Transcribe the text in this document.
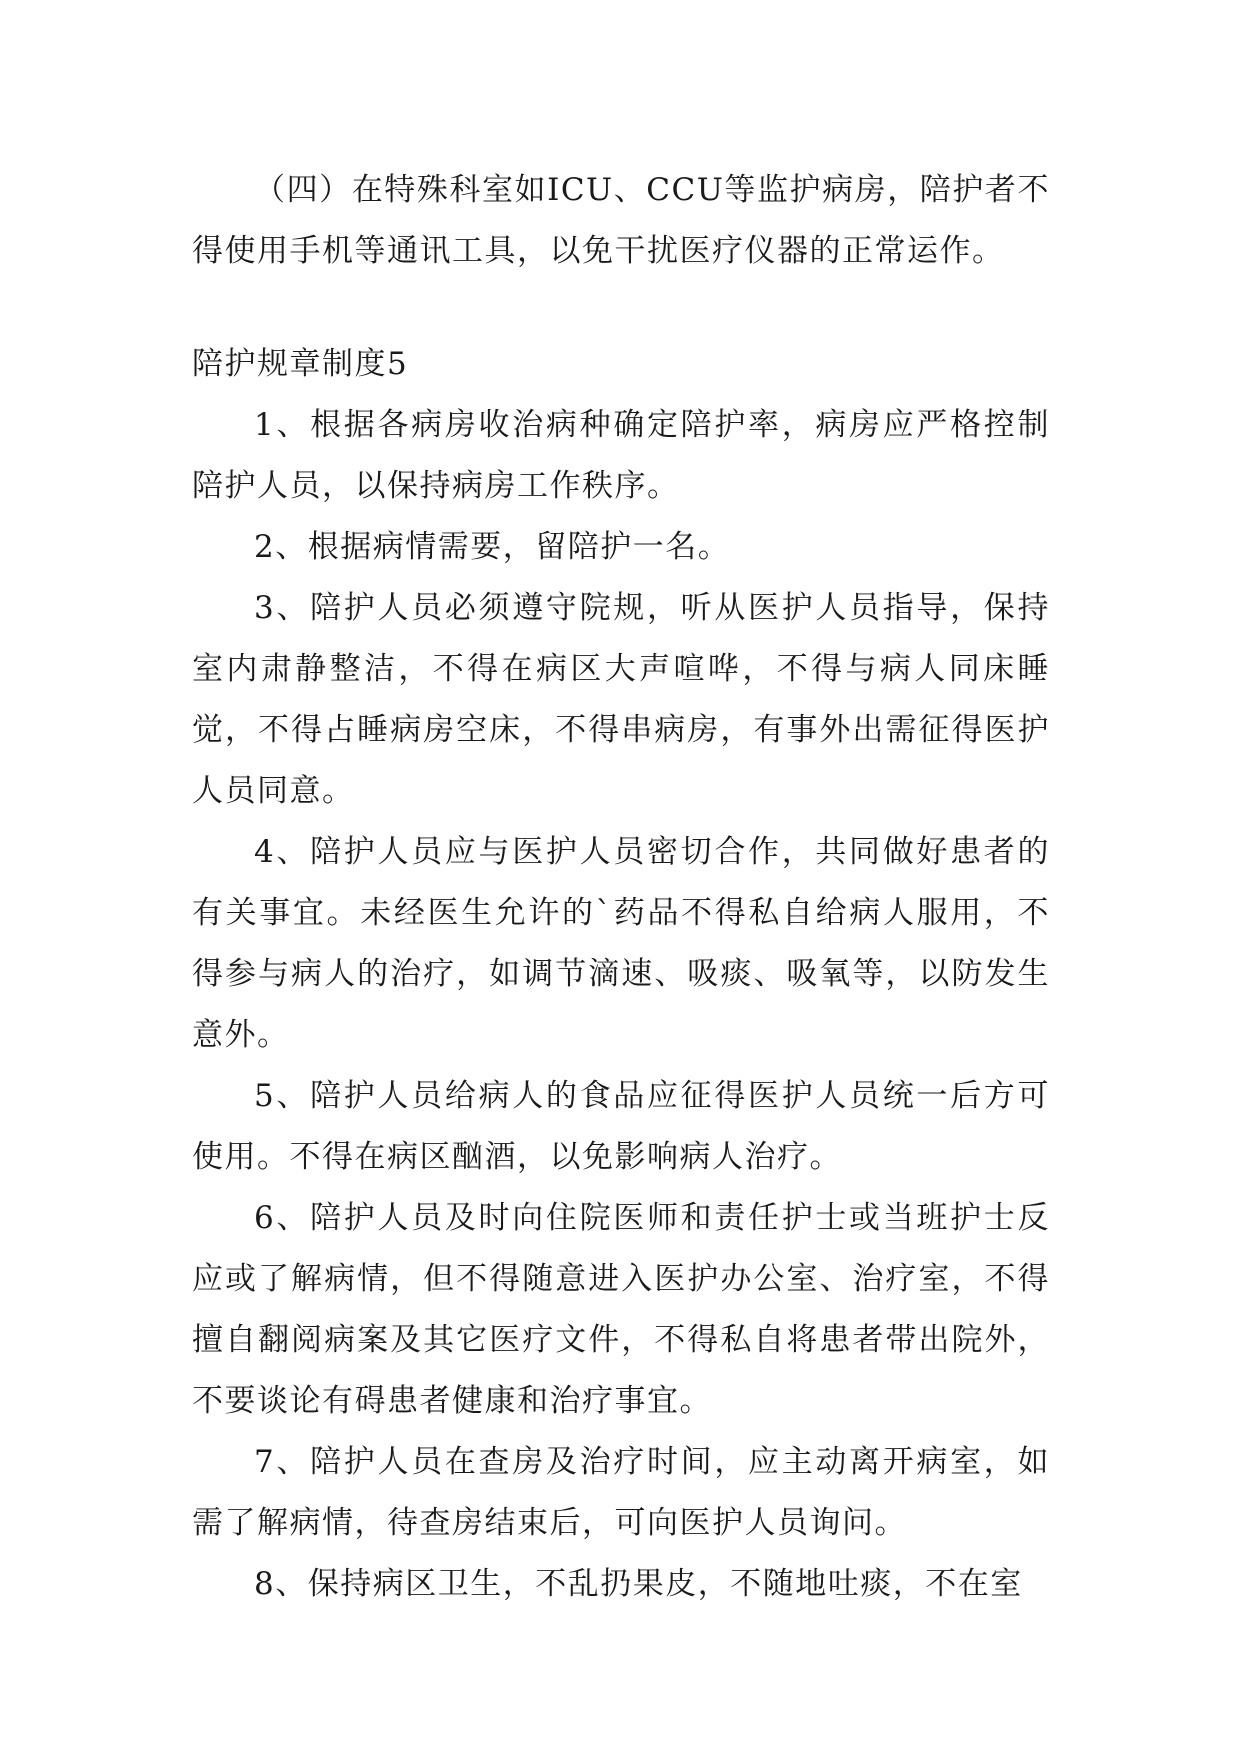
（四）在特殊科室如ICU、CCU等监护病房，陪护者不得使用手机等通讯工具，以免干扰医疗仪器的正常运作。

陪护规章制度5

1、根据各病房收治病种确定陪护率，病房应严格控制陪护人员，以保持病房工作秩序。

2、根据病情需要，留陪护一名。

3、陪护人员必须遵守院规，听从医护人员指导，保持室内肃静整洁，不得在病区大声喧哗，不得与病人同床睡觉，不得占睡病房空床，不得串病房，有事外出需征得医护人员同意。

4、陪护人员应与医护人员密切合作，共同做好患者的有关事宜。未经医生允许的`药品不得私自给病人服用，不得参与病人的治疗，如调节滴速、吸痰、吸氧等，以防发生意外。

5、陪护人员给病人的食品应征得医护人员统一后方可使用。不得在病区酗酒，以免影响病人治疗。

6、陪护人员及时向住院医师和责任护士或当班护士反应或了解病情，但不得随意进入医护办公室、治疗室，不得擅自翻阅病案及其它医疗文件，不得私自将患者带出院外，不要谈论有碍患者健康和治疗事宜。

7、陪护人员在查房及治疗时间，应主动离开病室，如需了解病情，待查房结束后，可向医护人员询问。

8、保持病区卫生，不乱扔果皮，不随地吐痰，不在室
